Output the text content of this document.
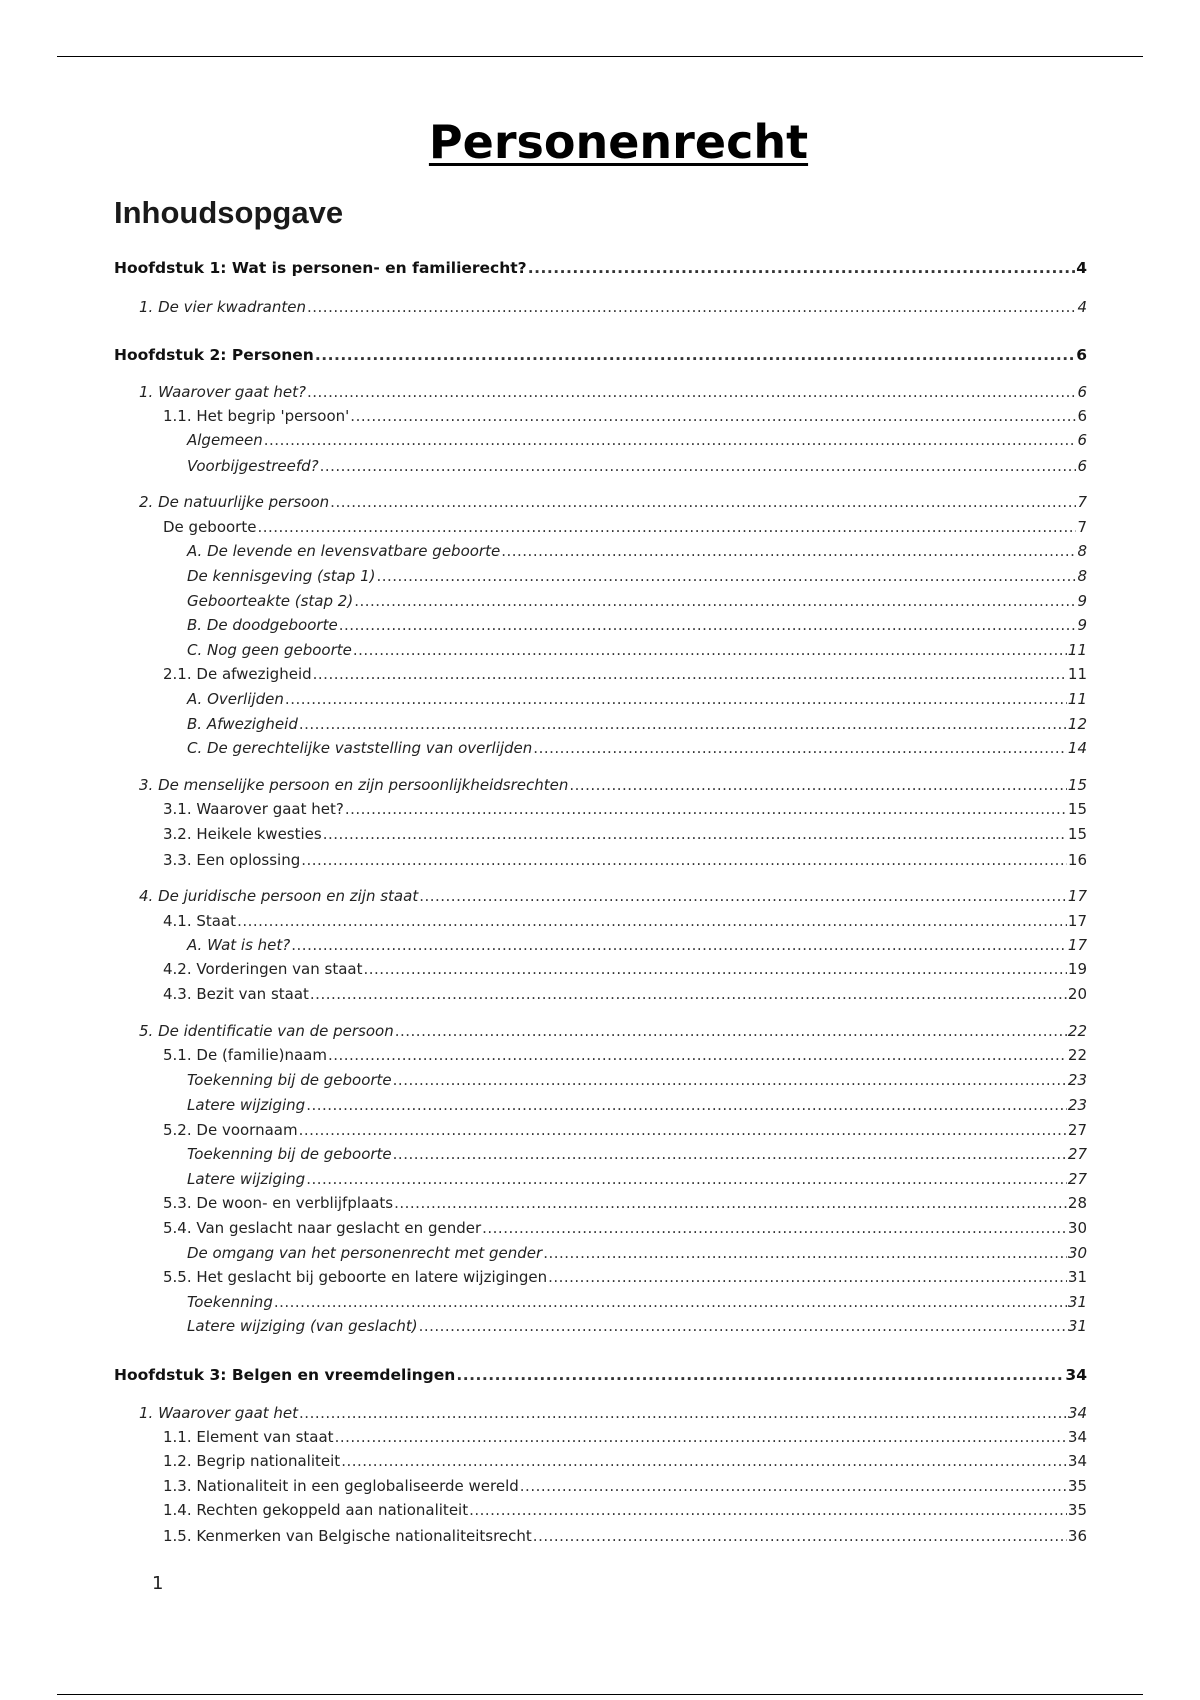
Personenrecht
Inhoudsopgave
Hoofdstuk 1: Wat is personen- en familierecht? .....	4
1. De vier kwadranten .....	4
Hoofdstuk 2: Personen .....	6
1. Waarover gaat het? .....	6
1.1. Het begrip 'persoon' .....	6
Algemeen .....	6
Voorbijgestreefd? .....	6
2. De natuurlijke persoon .....	7
De geboorte .....	7
A. De levende en levensvatbare geboorte .....	8
De kennisgeving (stap 1) .....	8
Geboorteakte (stap 2) .....	9
B. De doodgeboorte .....	9
C. Nog geen geboorte .....	11
2.1. De afwezigheid .....	11
A. Overlijden .....	11
B. Afwezigheid .....	12
C. De gerechtelijke vaststelling van overlijden .....	14
3. De menselijke persoon en zijn persoonlijkheidsrechten .....	15
3.1. Waarover gaat het? .....	15
3.2. Heikele kwesties .....	15
3.3. Een oplossing .....	16
4. De juridische persoon en zijn staat .....	17
4.1. Staat .....	17
A. Wat is het? .....	17
4.2. Vorderingen van staat .....	19
4.3. Bezit van staat .....	20
5. De identificatie van de persoon .....	22
5.1. De (familie)naam .....	22
Toekenning bij de geboorte .....	23
Latere wijziging .....	23
5.2. De voornaam .....	27
Toekenning bij de geboorte .....	27
Latere wijziging .....	27
5.3. De woon- en verblijfplaats .....	28
5.4. Van geslacht naar geslacht en gender .....	30
De omgang van het personenrecht met gender .....	30
5.5. Het geslacht bij geboorte en latere wijzigingen .....	31
Toekenning .....	31
Latere wijziging (van geslacht) .....	31
Hoofdstuk 3: Belgen en vreemdelingen .....	34
1. Waarover gaat het .....	34
1.1. Element van staat .....	34
1.2. Begrip nationaliteit .....	34
1.3. Nationaliteit in een geglobaliseerde wereld .....	35
1.4. Rechten gekoppeld aan nationaliteit .....	35
1.5. Kenmerken van Belgische nationaliteitsrecht .....	36
1
